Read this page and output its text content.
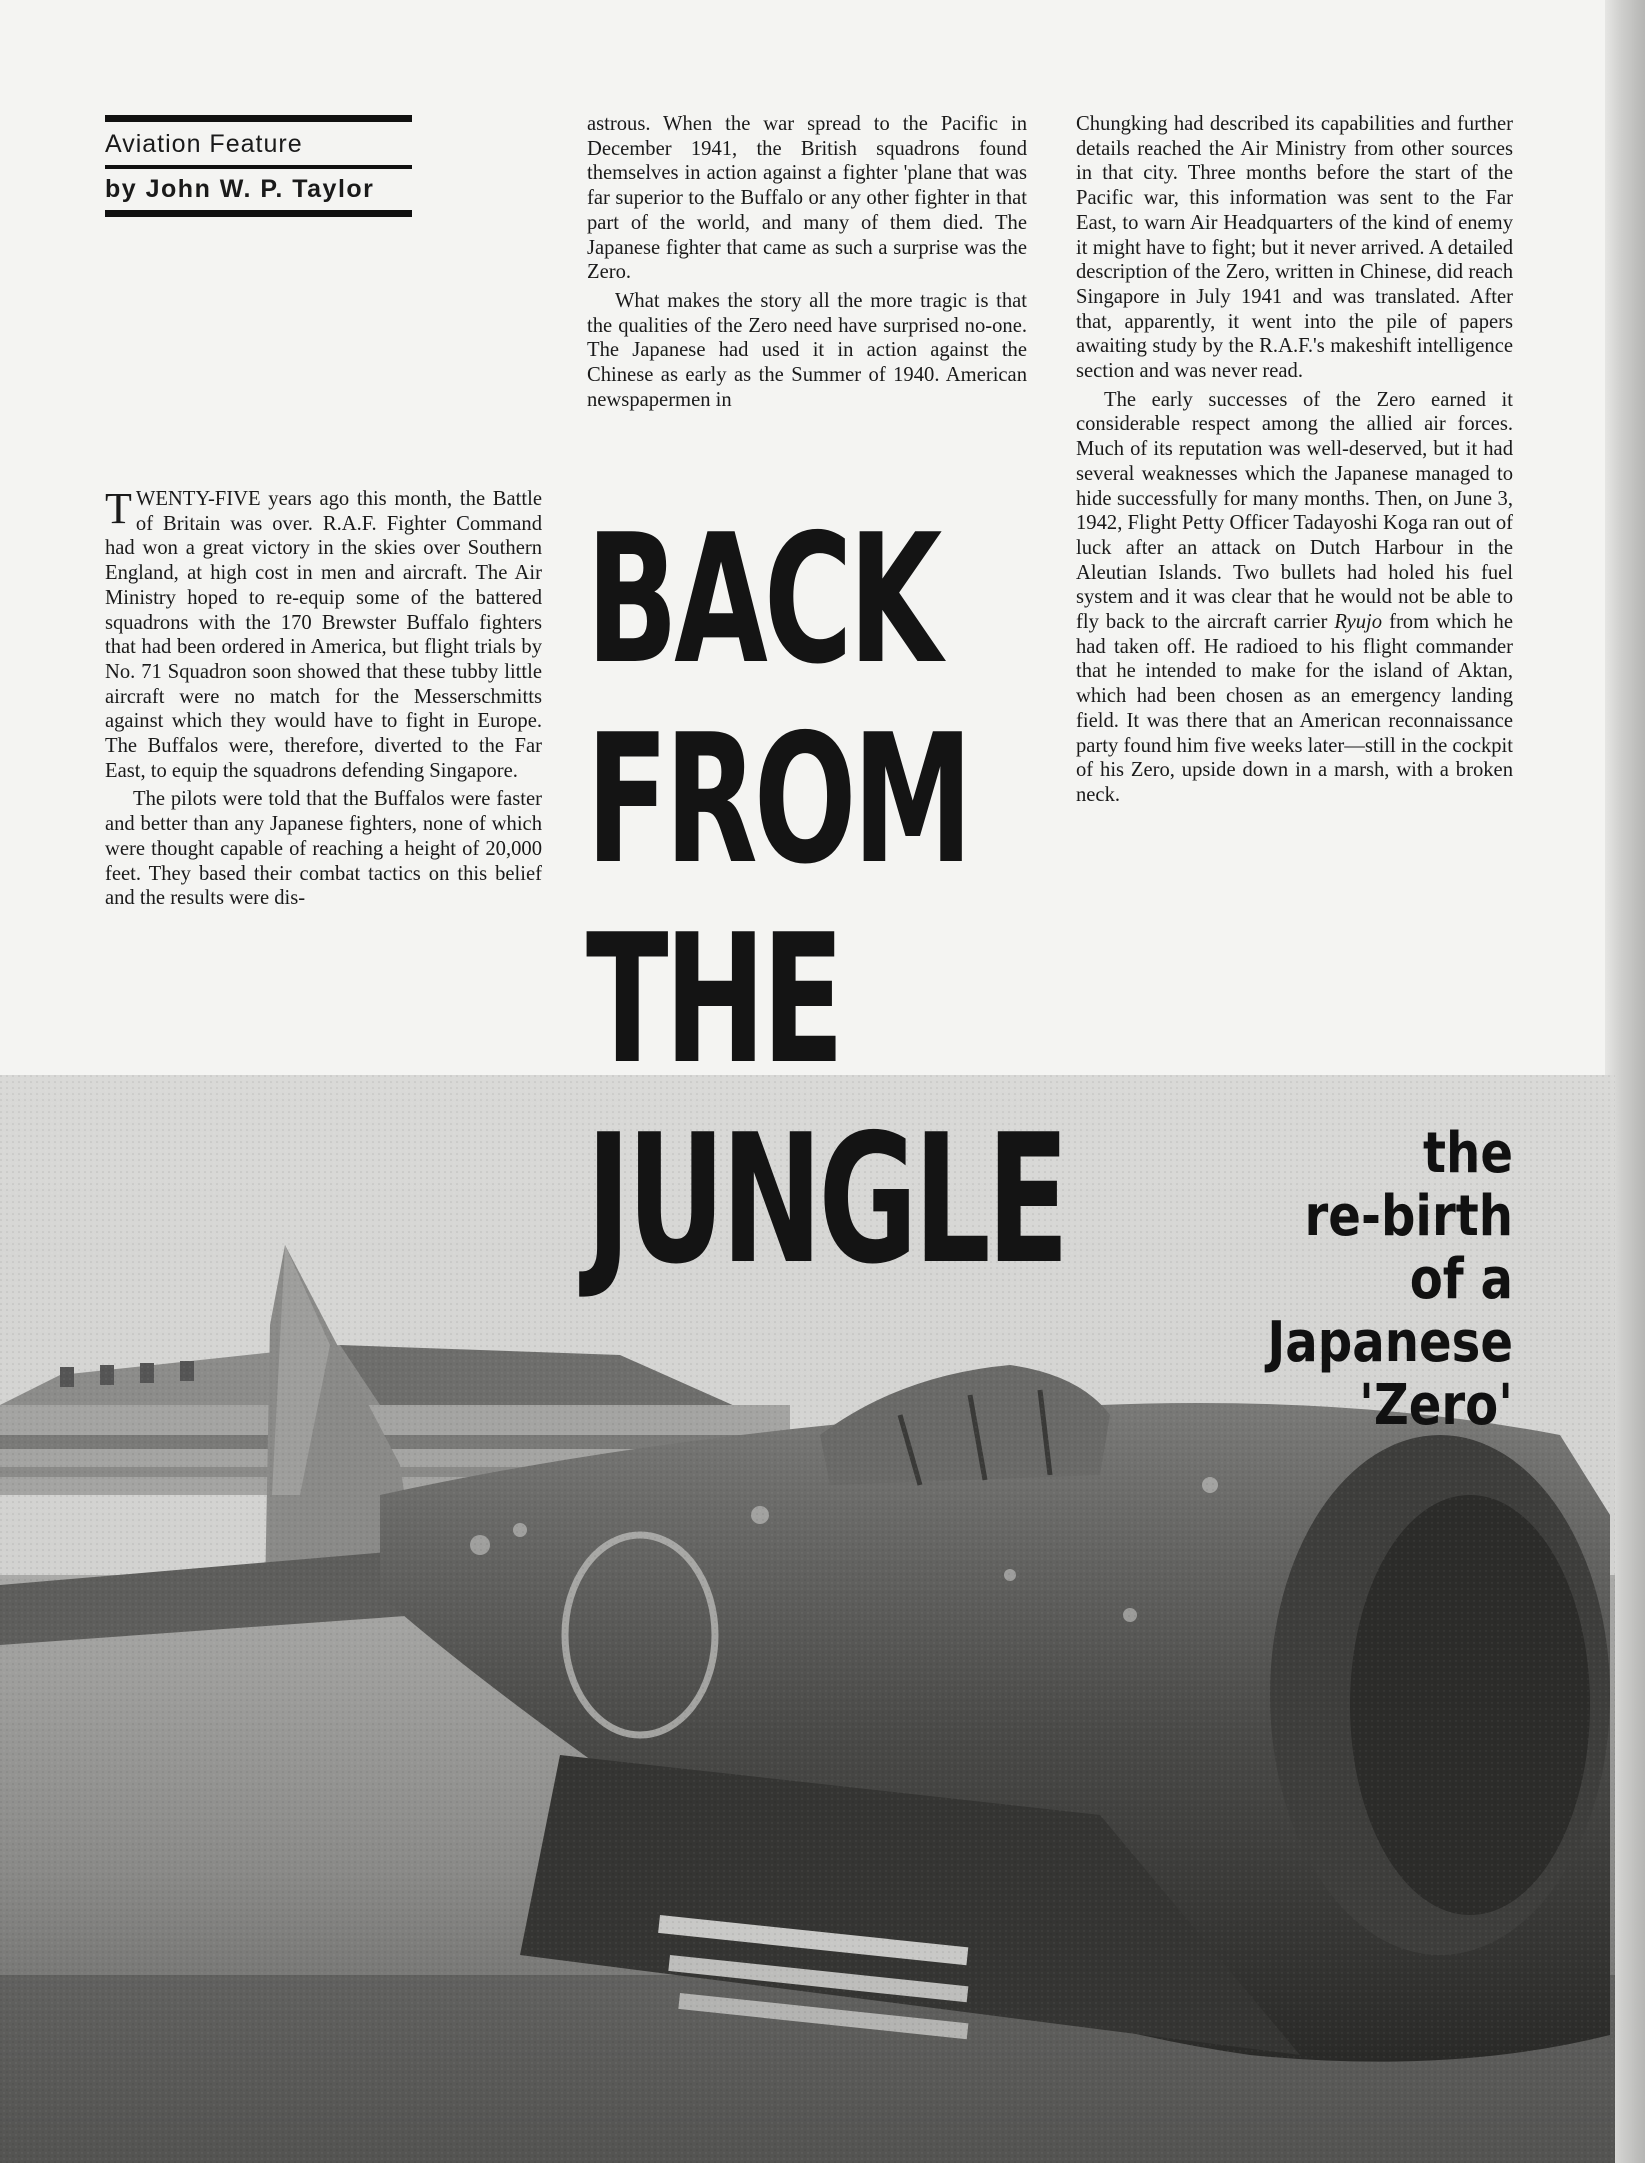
Aviation Feature
by John W. P. Taylor

astrous. When the war spread to the Pacific in December 1941, the British squadrons found themselves in action against a fighter 'plane that was far superior to the Buffalo or any other fighter in that part of the world, and many of them died. The Japanese fighter that came as such a surprise was the Zero.

What makes the story all the more tragic is that the qualities of the Zero need have surprised no-one. The Japanese had used it in action against the Chinese as early as the Summer of 1940. American newspapermen in

Chungking had described its capabilities and further details reached the Air Ministry from other sources in that city. Three months before the start of the Pacific war, this information was sent to the Far East, to warn Air Headquarters of the kind of enemy it might have to fight; but it never arrived. A detailed description of the Zero, written in Chinese, did reach Singapore in July 1941 and was translated. After that, apparently, it went into the pile of papers awaiting study by the R.A.F.'s makeshift intelligence section and was never read.

The early successes of the Zero earned it considerable respect among the allied air forces. Much of its reputation was well-deserved, but it had several weaknesses which the Japanese managed to hide successfully for many months. Then, on June 3, 1942, Flight Petty Officer Tadayoshi Koga ran out of luck after an attack on Dutch Harbour in the Aleutian Islands. Two bullets had holed his fuel system and it was clear that he would not be able to fly back to the aircraft carrier Ryujo from which he had taken off. He radioed to his flight commander that he intended to make for the island of Aktan, which had been chosen as an emergency landing field. It was there that an American reconnaissance party found him five weeks later—still in the cockpit of his Zero, upside down in a marsh, with a broken neck.

TWENTY-FIVE years ago this month, the Battle of Britain was over. R.A.F. Fighter Command had won a great victory in the skies over Southern England, at high cost in men and aircraft. The Air Ministry hoped to re-equip some of the battered squadrons with the 170 Brewster Buffalo fighters that had been ordered in America, but flight trials by No. 71 Squadron soon showed that these tubby little aircraft were no match for the Messerschmitts against which they would have to fight in Europe. The Buffalos were, therefore, diverted to the Far East, to equip the squadrons defending Singapore.

The pilots were told that the Buffalos were faster and better than any Japanese fighters, none of which were thought capable of reaching a height of 20,000 feet. They based their combat tactics on this belief and the results were dis-

BACK
FROM
THE
JUNGLE	the
re-birth
of a
Japanese
'Zero'
